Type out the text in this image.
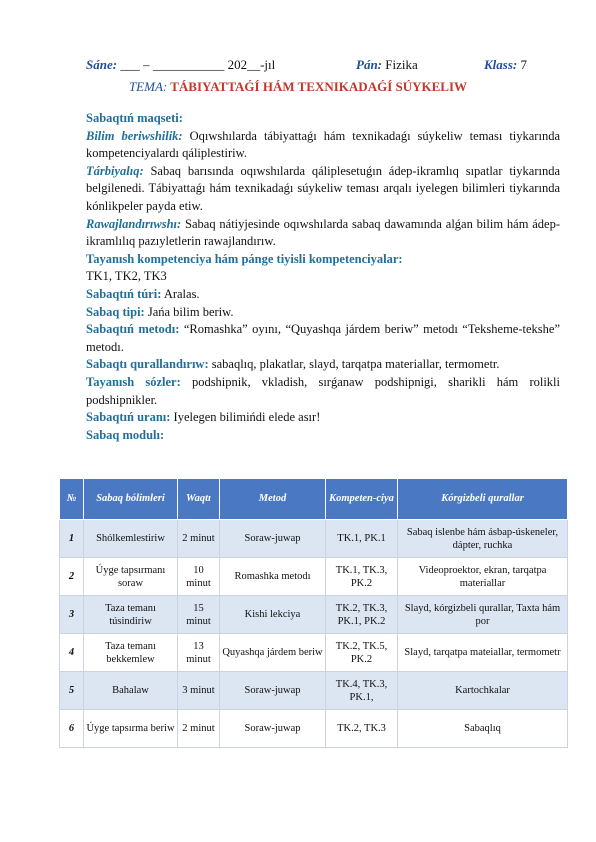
Sáne: ___ – ___________ 202__-jıl	Pán: Fizika	Klass: 7
TEMA: TÁBIYATTAǴÍ HÁM TEXNIKADAǴÍ SÚYKELIW

Sabaqtıń maqseti:

Bilim beriwshilik: Oqıwshılarda tábiyattaǵı hám texnikadaǵı súykeliw teması tiykarında kompetenciyalardı qáliplestiriw.

Tárbiyalıq: Sabaq barısında oqıwshılarda qáliplesetuǵın ádep-ikramlıq sıpatlar tiykarında belgilenedi. Tábiyattaǵı hám texnikadaǵı súykeliw teması arqalı iyelegen bilimleri tiykarında kónlikpeler payda etiw.

Rawajlandırıwshı: Sabaq nátiyjesinde oqıwshılarda sabaq dawamında alǵan bilim hám ádep-ikramlılıq pazıyletlerin rawajlandırıw.

Tayanısh kompetenciya hám pánge tiyisli kompetenciyalar:

TK1, TK2, TK3

Sabaqtıń túri: Aralas.

Sabaq tipi: Jańa bilim beriw.

Sabaqtıń metodı: “Romashka” oyını, “Quyashqa járdem beriw” metodı “Teksheme-tekshe” metodı.

Sabaqtı qurallandırıw: sabaqlıq, plakatlar, slayd, tarqatpa materiallar, termometr.

Tayanısh sózler: podshipnik, vkladish, sırǵanaw podshipnigi, sharikli hám rolikli podshipnikler.

Sabaqtıń uranı: Iyelegen bilimińdi elede asır!

Sabaq modulı:

№	Sabaq bólimleri	Waqtı	Metod	Kompeten-ciya	Kórgizbeli qurallar
1	Shólkemlestiriw	2 minut	Soraw-juwap	TK.1, PK.1	Sabaq islenbe hám ásbap-úskeneler, dápter, ruchka
2	Úyge tapsırmanı soraw	10 minut	Romashka metodı	TK.1, TK.3, PK.2	Videoproektor, ekran, tarqatpa materiallar
3	Taza temanı túsindiriw	15 minut	Kishi lekciya	TK.2, TK.3, PK.1, PK.2	Slayd, kórgizbeli qurallar, Taxta hám por
4	Taza temanı bekkemlew	13 minut	Quyashqa járdem beriw	TK.2, TK.5, PK.2	Slayd, tarqatpa mateiallar, termometr
5	Bahalaw	3 minut	Soraw-juwap	TK.4, TK.3, PK.1,	Kartochkalar
6	Úyge tapsırma beriw	2 minut	Soraw-juwap	TK.2, TK.3	Sabaqlıq
